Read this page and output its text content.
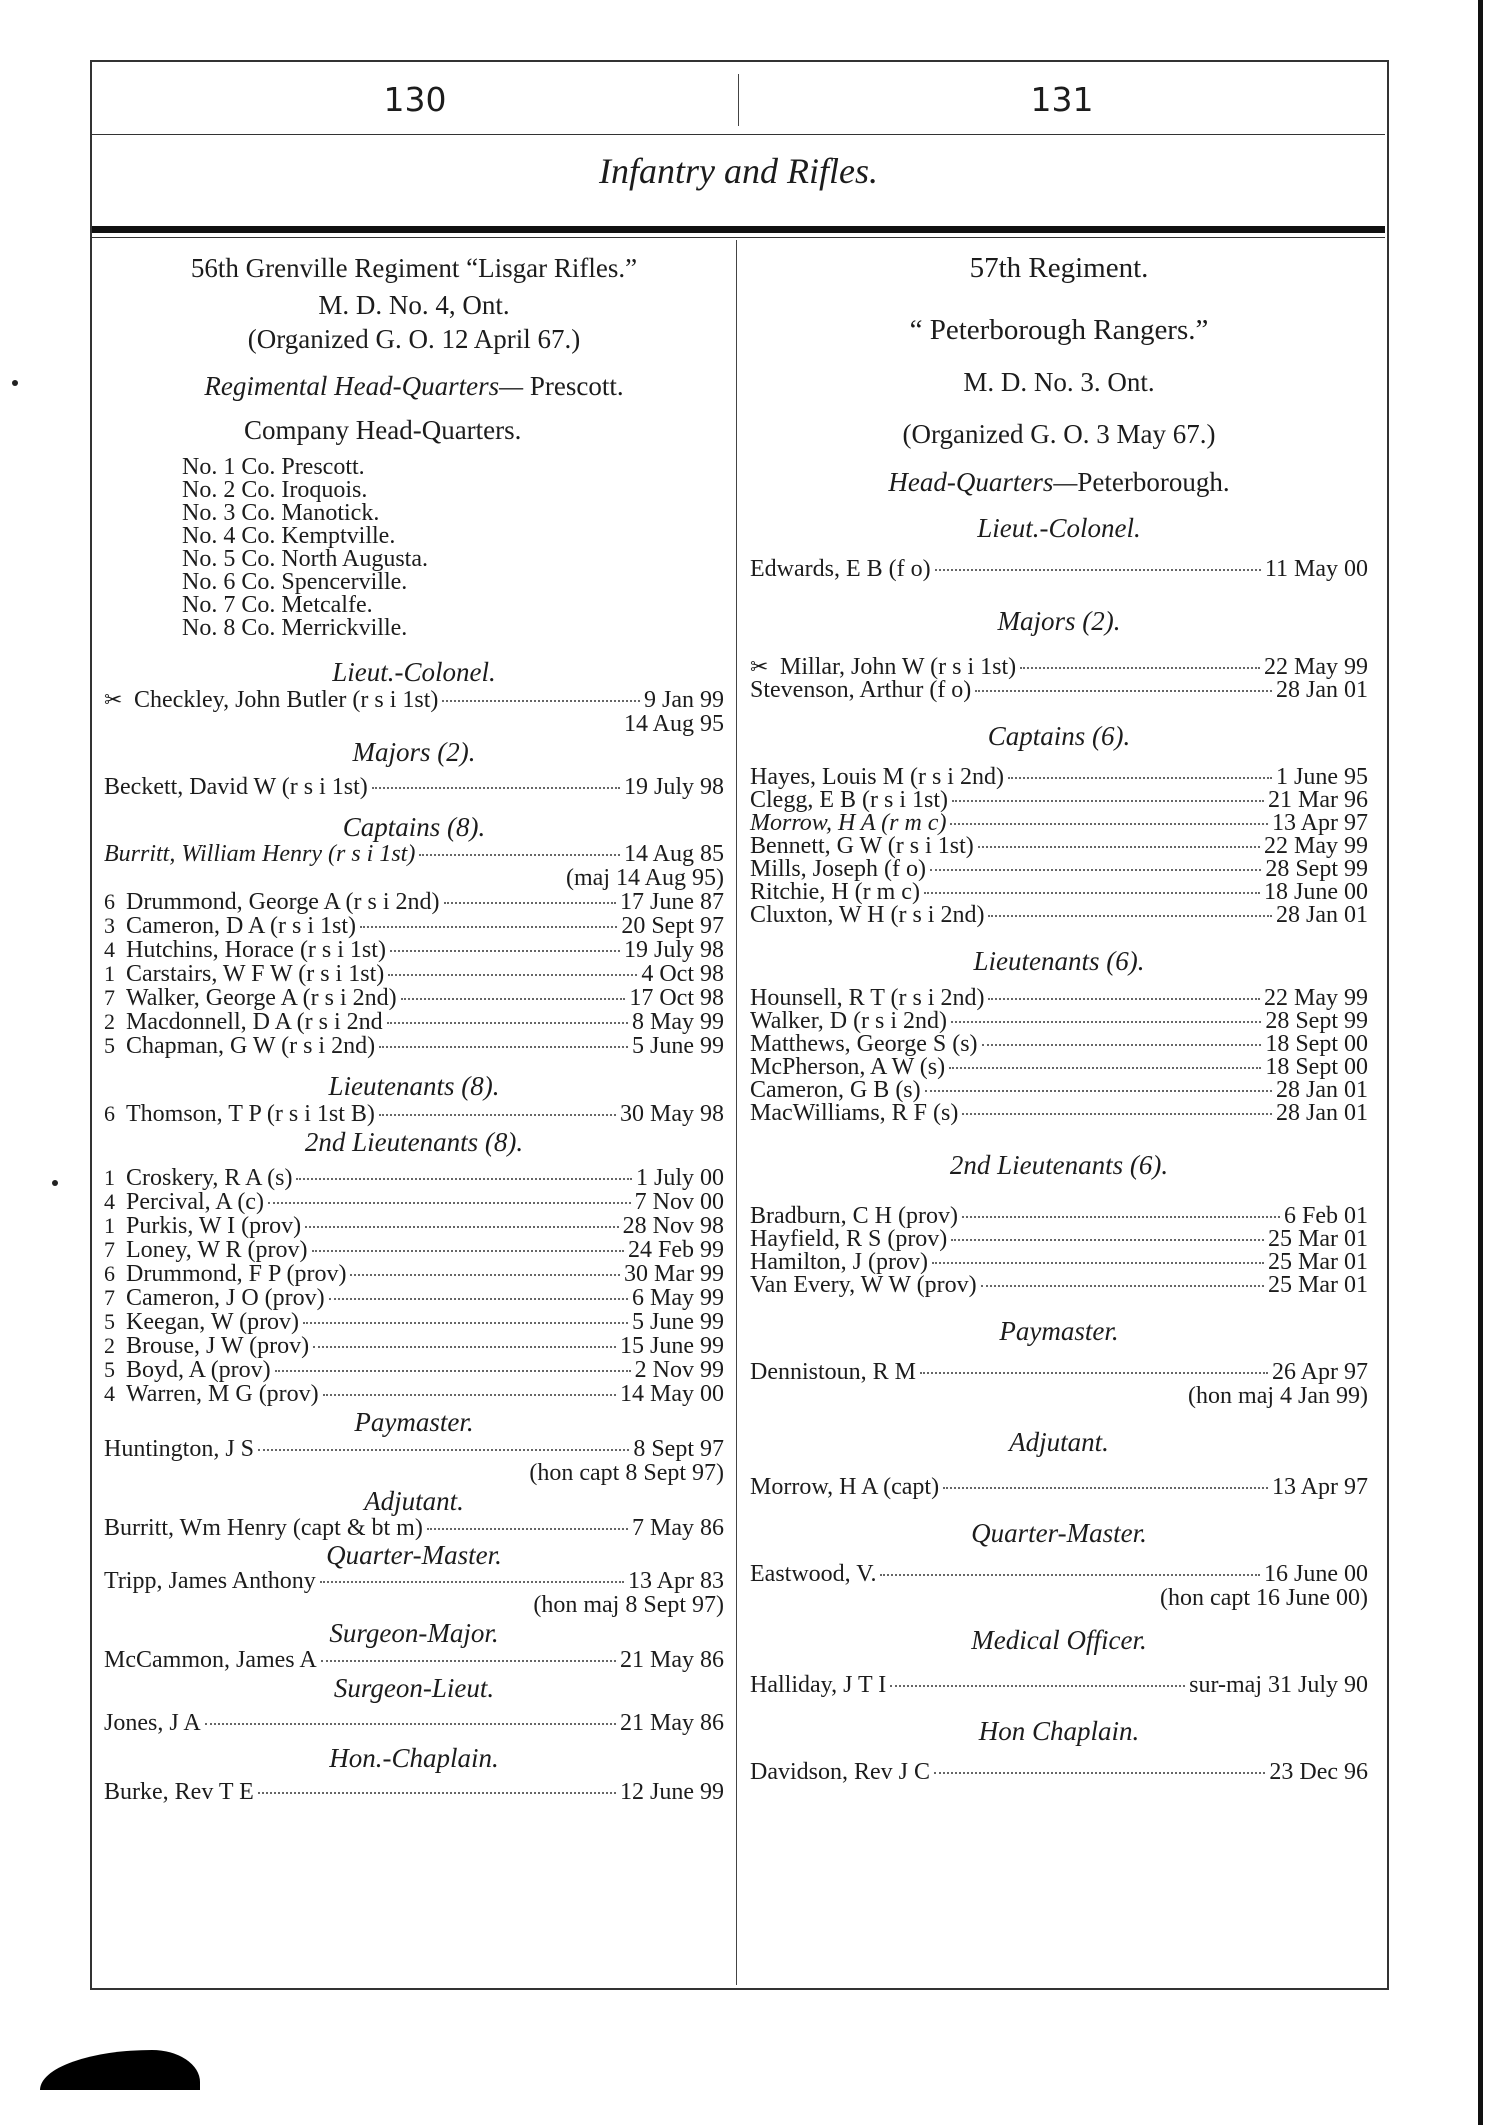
130	131
Infantry and Rifles.
56th Grenville Regiment “Lisgar Rifles.”
M. D. No. 4, Ont.
(Organized G. O. 12 April 67.)
Regimental Head-Quarters— Prescott.
Company Head-Quarters.
No. 1 Co. Prescott.
No. 2 Co. Iroquois.
No. 3 Co. Manotick.
No. 4 Co. Kemptville.
No. 5 Co. North Augusta.
No. 6 Co. Spencerville.
No. 7 Co. Metcalfe.
No. 8 Co. Merrickville.
Lieut.-Colonel.
✂ Checkley, John Butler (r s i 1st)	9 Jan 99
14 Aug 95
Majors (2).
Beckett, David W (r s i 1st)	19 July 98
Captains (8).
Burritt, William Henry (r s i 1st)	14 Aug 85
(maj 14 Aug 95)
6 Drummond, George A (r s i 2nd)	17 June 87
3 Cameron, D A (r s i 1st)	20 Sept 97
4 Hutchins, Horace (r s i 1st)	19 July 98
1 Carstairs, W F W (r s i 1st)	4 Oct 98
7 Walker, George A (r s i 2nd)	17 Oct 98
2 Macdonnell, D A (r s i 2nd	8 May 99
5 Chapman, G W (r s i 2nd)	5 June 99
Lieutenants (8).
6 Thomson, T P (r s i 1st B)	30 May 98
2nd Lieutenants (8).
1 Croskery, R A (s)	1 July 00
4 Percival, A (c)	7 Nov 00
1 Purkis, W I (prov)	28 Nov 98
7 Loney, W R (prov)	24 Feb 99
6 Drummond, F P (prov)	30 Mar 99
7 Cameron, J O (prov)	6 May 99
5 Keegan, W (prov)	5 June 99
2 Brouse, J W (prov)	15 June 99
5 Boyd, A (prov)	2 Nov 99
4 Warren, M G (prov)	14 May 00
Paymaster.
Huntington, J S	8 Sept 97
(hon capt 8 Sept 97)
Adjutant.
Burritt, Wm Henry (capt & bt m)	7 May 86
Quarter-Master.
Tripp, James Anthony	13 Apr 83
(hon maj 8 Sept 97)
Surgeon-Major.
McCammon, James A	21 May 86
Surgeon-Lieut.
Jones, J A	21 May 86
Hon.-Chaplain.
Burke, Rev T E	12 June 99
57th Regiment.
“ Peterborough Rangers.”
M. D. No. 3. Ont.
(Organized G. O. 3 May 67.)
Head-Quarters—Peterborough.
Lieut.-Colonel.
Edwards, E B (f o)	11 May 00
Majors (2).
✂ Millar, John W (r s i 1st)	22 May 99
Stevenson, Arthur (f o)	28 Jan 01
Captains (6).
Hayes, Louis M (r s i 2nd)	1 June 95
Clegg, E B (r s i 1st)	21 Mar 96
Morrow, H A (r m c)	13 Apr 97
Bennett, G W (r s i 1st)	22 May 99
Mills, Joseph (f o)	28 Sept 99
Ritchie, H (r m c)	18 June 00
Cluxton, W H (r s i 2nd)	28 Jan 01
Lieutenants (6).
Hounsell, R T (r s i 2nd)	22 May 99
Walker, D (r s i 2nd)	28 Sept 99
Matthews, George S (s)	18 Sept 00
McPherson, A W (s)	18 Sept 00
Cameron, G B (s)	28 Jan 01
MacWilliams, R F (s)	28 Jan 01
2nd Lieutenants (6).
Bradburn, C H (prov)	6 Feb 01
Hayfield, R S (prov)	25 Mar 01
Hamilton, J (prov)	25 Mar 01
Van Every, W W (prov)	25 Mar 01
Paymaster.
Dennistoun, R M	26 Apr 97
(hon maj 4 Jan 99)
Adjutant.
Morrow, H A (capt)	13 Apr 97
Quarter-Master.
Eastwood, V.	16 June 00
(hon capt 16 June 00)
Medical Officer.
Halliday, J T I	sur-maj 31 July 90
Hon Chaplain.
Davidson, Rev J C	23 Dec 96
